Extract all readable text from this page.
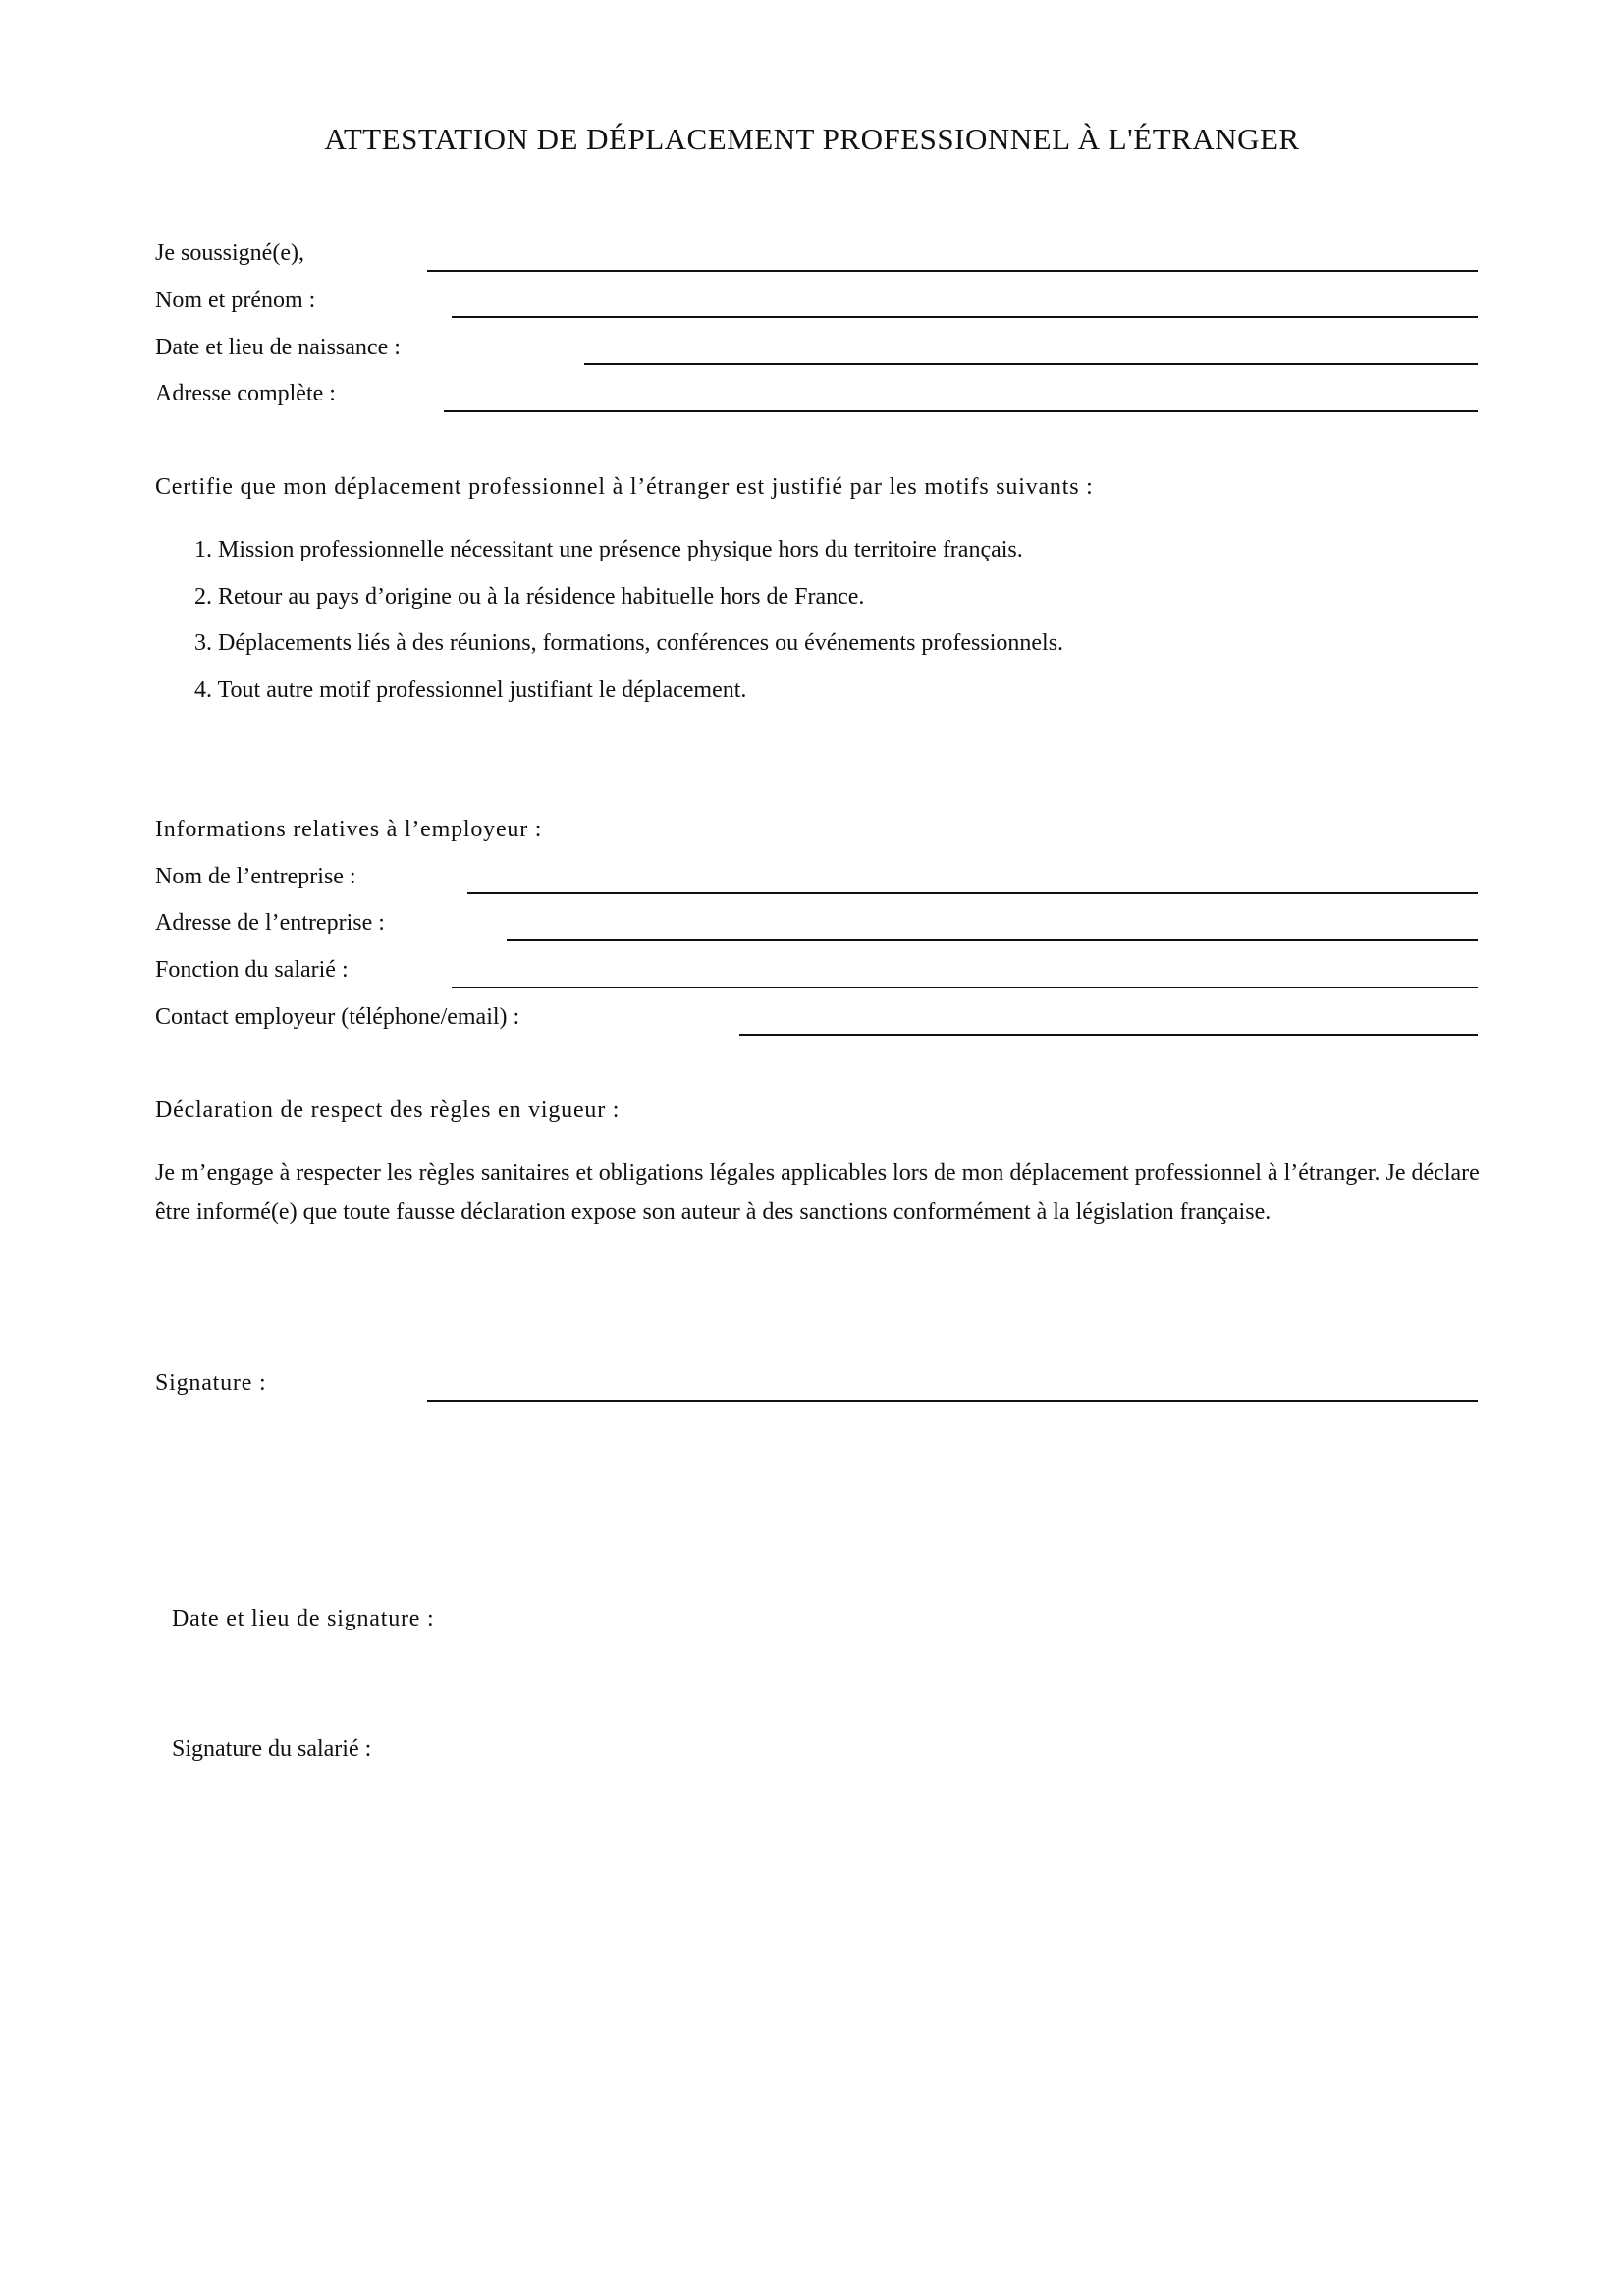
ATTESTATION DE DÉPLACEMENT PROFESSIONNEL À L'ÉTRANGER
Je soussigné(e),
Nom et prénom :
Date et lieu de naissance :
Adresse complète :
Certifie que mon déplacement professionnel à l’étranger est justifié par les motifs suivants :
1. Mission professionnelle nécessitant une présence physique hors du territoire français.
2. Retour au pays d’origine ou à la résidence habituelle hors de France.
3. Déplacements liés à des réunions, formations, conférences ou événements professionnels.
4. Tout autre motif professionnel justifiant le déplacement.
Informations relatives à l’employeur :
Nom de l’entreprise :
Adresse de l’entreprise :
Fonction du salarié :
Contact employeur (téléphone/email) :
Déclaration de respect des règles en vigueur :
Je m’engage à respecter les règles sanitaires et obligations légales applicables lors de mon déplacement professionnel à l’étranger. Je déclare être informé(e) que toute fausse déclaration expose son auteur à des sanctions conformément à la législation française.
Signature :
Date et lieu de signature :
Signature du salarié :
